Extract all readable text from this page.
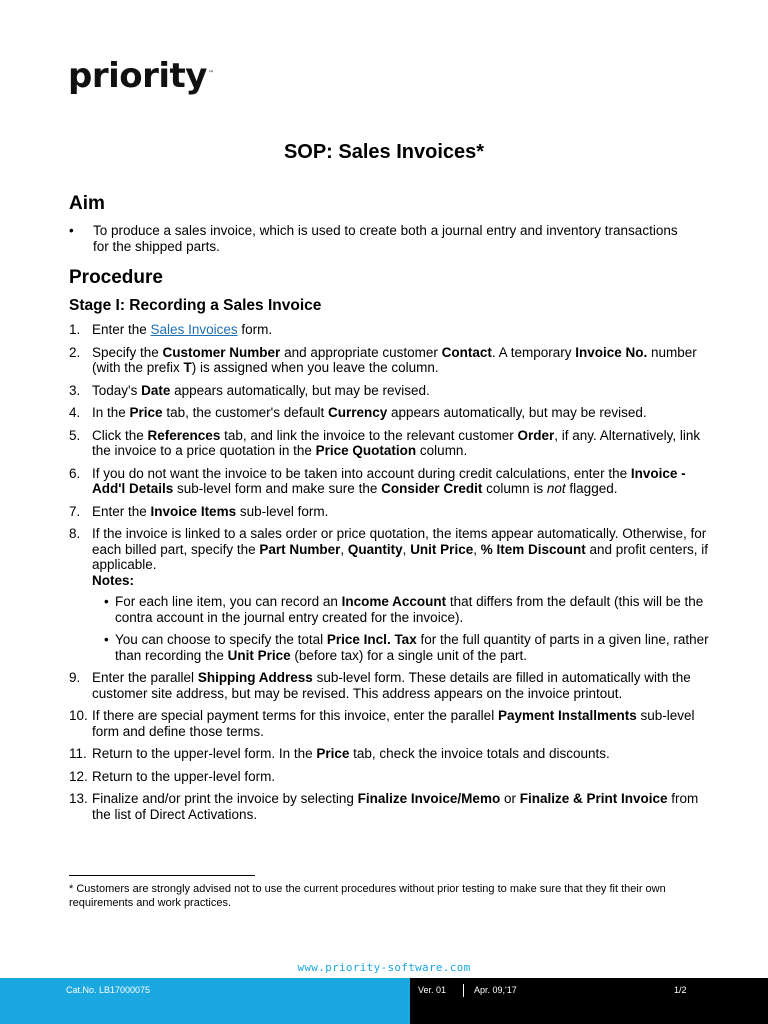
priority™
SOP: Sales Invoices*
Aim
•	To produce a sales invoice, which is used to create both a journal entry and inventory transactions for the shipped parts.
Procedure
Stage I: Recording a Sales Invoice
1. Enter the Sales Invoices form.
2. Specify the Customer Number and appropriate customer Contact. A temporary Invoice No. number (with the prefix T) is assigned when you leave the column.
3. Today's Date appears automatically, but may be revised.
4. In the Price tab, the customer's default Currency appears automatically, but may be revised.
5. Click the References tab, and link the invoice to the relevant customer Order, if any. Alternatively, link the invoice to a price quotation in the Price Quotation column.
6. If you do not want the invoice to be taken into account during credit calculations, enter the Invoice - Add'l Details sub-level form and make sure the Consider Credit column is not flagged.
7. Enter the Invoice Items sub-level form.
8. If the invoice is linked to a sales order or price quotation, the items appear automatically. Otherwise, for each billed part, specify the Part Number, Quantity, Unit Price, % Item Discount and profit centers, if applicable.
Notes:
• For each line item, you can record an Income Account that differs from the default (this will be the contra account in the journal entry created for the invoice).
• You can choose to specify the total Price Incl. Tax for the full quantity of parts in a given line, rather than recording the Unit Price (before tax) for a single unit of the part.
9. Enter the parallel Shipping Address sub-level form. These details are filled in automatically with the customer site address, but may be revised. This address appears on the invoice printout.
10. If there are special payment terms for this invoice, enter the parallel Payment Installments sub-level form and define those terms.
11. Return to the upper-level form. In the Price tab, check the invoice totals and discounts.
12. Return to the upper-level form.
13. Finalize and/or print the invoice by selecting Finalize Invoice/Memo or Finalize & Print Invoice from the list of Direct Activations.
* Customers are strongly advised not to use the current procedures without prior testing to make sure that they fit their own requirements and work practices.
www.priority-software.com
Cat.No. LB17000075	Ver. 01	Apr. 09,'17	1/2
